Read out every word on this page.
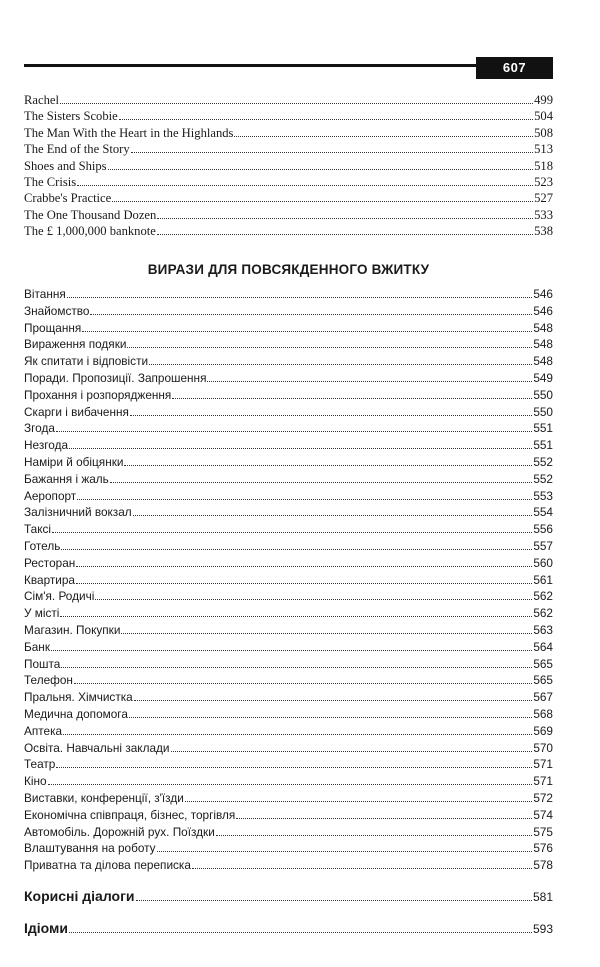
607
Rachel	499
The Sisters Scobie	504
The Man With the Heart in the Highlands	508
The End of the Story	513
Shoes and Ships	518
The Crisis	523
Crabbe's Practice	527
The One Thousand Dozen	533
The £ 1,000,000 banknote	538
ВИРАЗИ ДЛЯ ПОВСЯКДЕННОГО ВЖИТКУ
Вітання	546
Знайомство	546
Прощання	548
Вираження подяки	548
Як спитати і відповісти	548
Поради. Пропозиції. Запрошення	549
Прохання і розпорядження	550
Скарги і вибачення	550
Згода	551
Незгода	551
Наміри й обіцянки	552
Бажання і жаль	552
Аеропорт	553
Залізничний вокзал	554
Таксі	556
Готель	557
Ресторан	560
Квартира	561
Сім'я. Родичі	562
У місті	562
Магазин. Покупки	563
Банк	564
Пошта	565
Телефон	565
Пральня. Хімчистка	567
Медична допомога	568
Аптека	569
Освіта. Навчальні заклади	570
Театр	571
Кіно	571
Виставки, конференції, з'їзди	572
Економічна співпраця, бізнес, торгівля	574
Автомобіль. Дорожній рух. Поїздки	575
Влаштування на роботу	576
Приватна та ділова переписка	578
Корисні діалоги	581
Ідіоми	593
